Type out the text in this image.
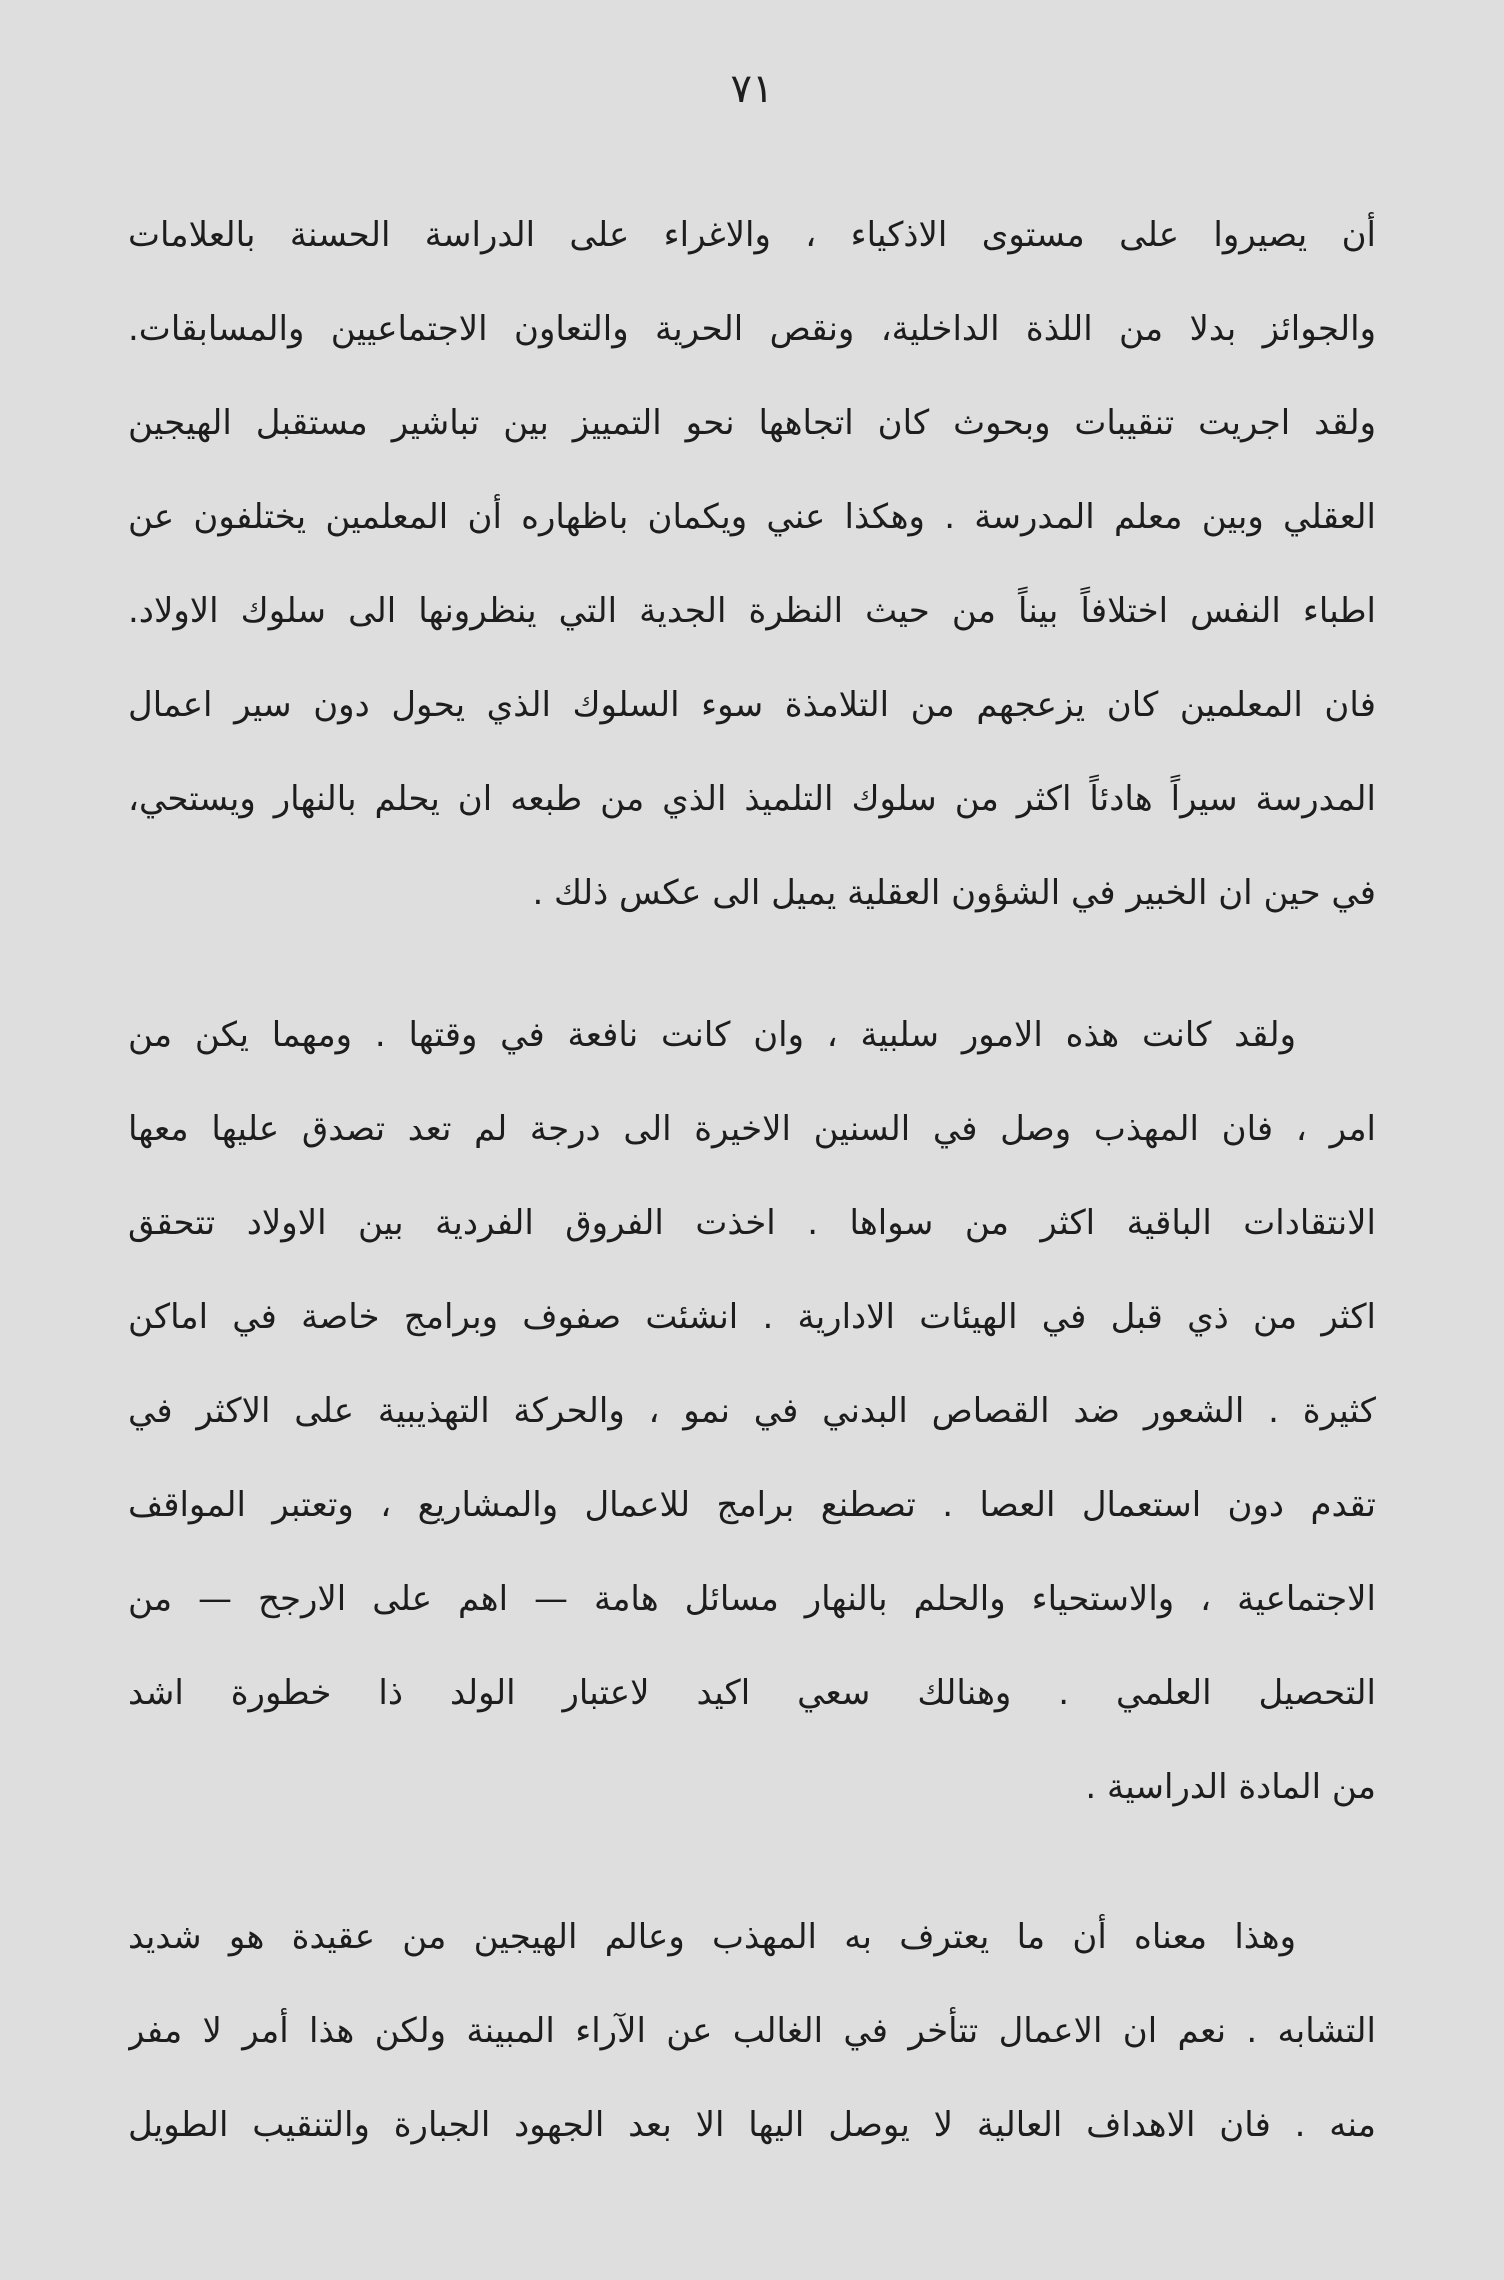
٧١
أن يصيروا على مستوى الاذكياء ، والاغراء على الدراسة الحسنة بالعلامات
والجوائز بدلا من اللذة الداخلية، ونقص الحرية والتعاون الاجتماعيين والمسابقات.
ولقد اجريت تنقيبات وبحوث كان اتجاهها نحو التمييز بين تباشير مستقبل الهيجين
العقلي وبين معلم المدرسة . وهكذا عني ويكمان باظهاره أن المعلمين يختلفون عن
اطباء النفس اختلافاً بيناً من حيث النظرة الجدية التي ينظرونها الى سلوك الاولاد.
فان المعلمين كان يزعجهم من التلامذة سوء السلوك الذي يحول دون سير اعمال
المدرسة سيراً هادئاً اكثر من سلوك التلميذ الذي من طبعه ان يحلم بالنهار ويستحي،
في حين ان الخبير في الشؤون العقلية يميل الى عكس ذلك .
ولقد كانت هذه الامور سلبية ، وان كانت نافعة في وقتها . ومهما يكن من
امر ، فان المهذب وصل في السنين الاخيرة الى درجة لم تعد تصدق عليها معها
الانتقادات الباقية اكثر من سواها . اخذت الفروق الفردية بين الاولاد تتحقق
اكثر من ذي قبل في الهيئات الادارية . انشئت صفوف وبرامج خاصة في اماكن
كثيرة . الشعور ضد القصاص البدني في نمو ، والحركة التهذيبية على الاكثر في
تقدم دون استعمال العصا . تصطنع برامج للاعمال والمشاريع ، وتعتبر المواقف
الاجتماعية ، والاستحياء والحلم بالنهار مسائل هامة — اهم على الارجح — من
التحصيل العلمي . وهنالك سعي اكيد لاعتبار الولد ذا خطورة اشد
من المادة الدراسية .
وهذا معناه أن ما يعترف به المهذب وعالم الهيجين من عقيدة هو شديد
التشابه . نعم ان الاعمال تتأخر في الغالب عن الآراء المبينة ولكن هذا أمر لا مفر
منه . فان الاهداف العالية لا يوصل اليها الا بعد الجهود الجبارة والتنقيب الطويل
